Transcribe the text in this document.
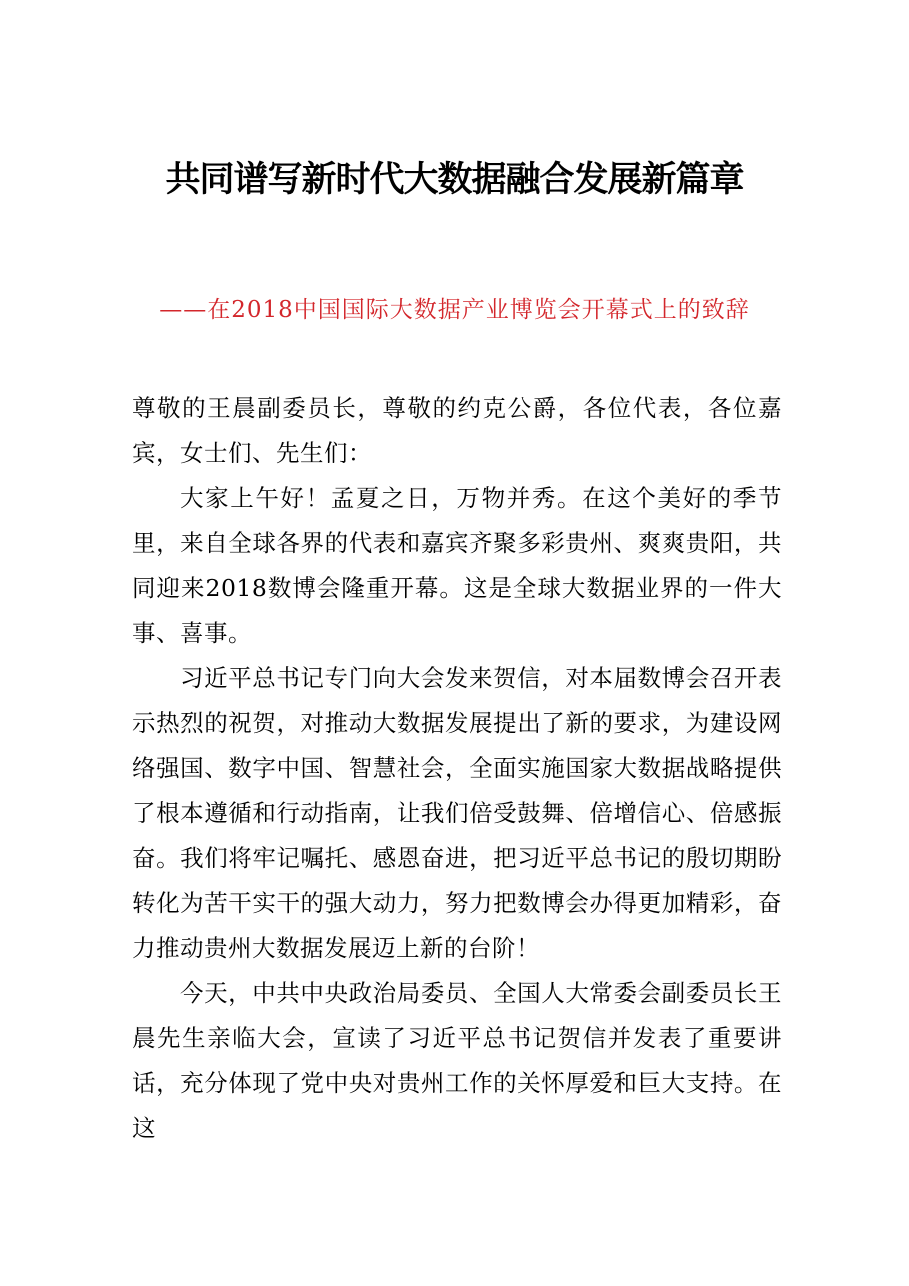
共同谱写新时代大数据融合发展新篇章

——在2018中国国际大数据产业博览会开幕式上的致辞

尊敬的王晨副委员长，尊敬的约克公爵，各位代表，各位嘉宾，女士们、先生们：

大家上午好！孟夏之日，万物并秀。在这个美好的季节里，来自全球各界的代表和嘉宾齐聚多彩贵州、爽爽贵阳，共同迎来2018数博会隆重开幕。这是全球大数据业界的一件大事、喜事。

习近平总书记专门向大会发来贺信，对本届数博会召开表示热烈的祝贺，对推动大数据发展提出了新的要求，为建设网络强国、数字中国、智慧社会，全面实施国家大数据战略提供了根本遵循和行动指南，让我们倍受鼓舞、倍增信心、倍感振奋。我们将牢记嘱托、感恩奋进，把习近平总书记的殷切期盼转化为苦干实干的强大动力，努力把数博会办得更加精彩，奋力推动贵州大数据发展迈上新的台阶！

今天，中共中央政治局委员、全国人大常委会副委员长王晨先生亲临大会，宣读了习近平总书记贺信并发表了重要讲话，充分体现了党中央对贵州工作的关怀厚爱和巨大支持。在这
